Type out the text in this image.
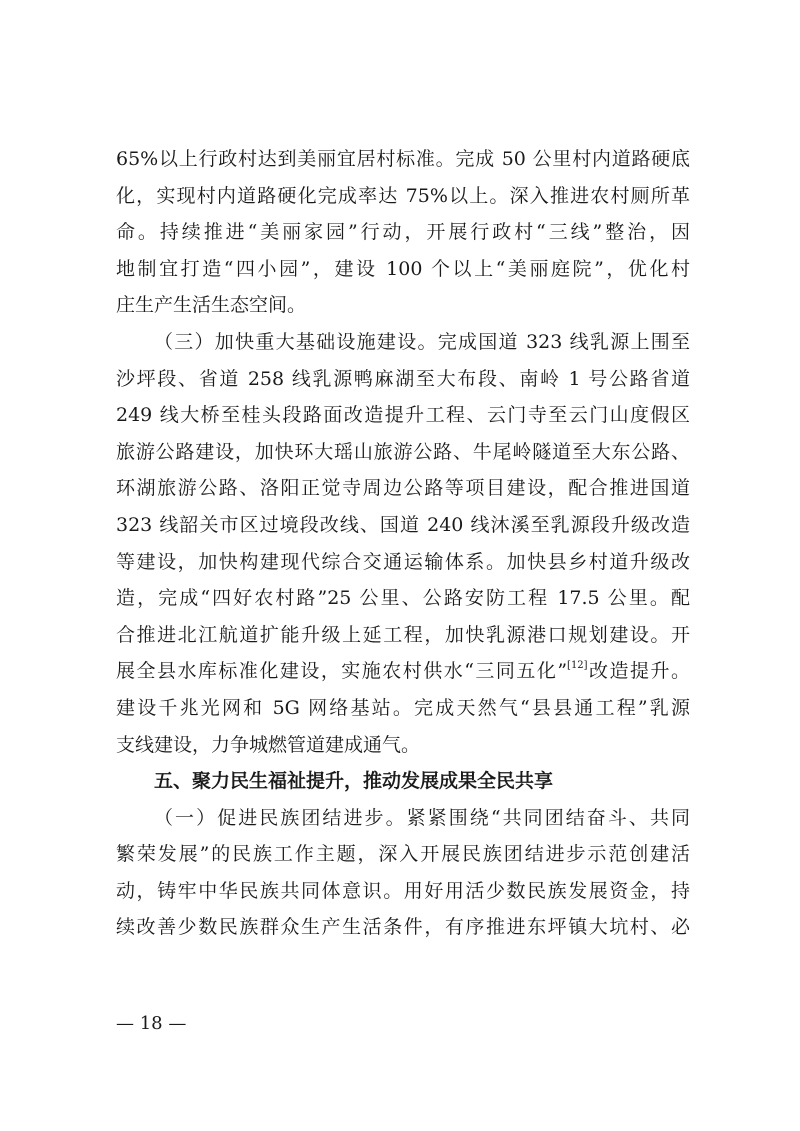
65%以上行政村达到美丽宜居村标准。完成 50 公里村内道路硬底
化，实现村内道路硬化完成率达 75%以上。深入推进农村厕所革
命。持续推进“美丽家园”行动，开展行政村“三线”整治，因
地制宜打造“四小园”，建设 100 个以上“美丽庭院”，优化村
庄生产生活生态空间。
（三）加快重大基础设施建设。完成国道 323 线乳源上围至
沙坪段、省道 258 线乳源鸭麻湖至大布段、南岭 1 号公路省道
249 线大桥至桂头段路面改造提升工程、云门寺至云门山度假区
旅游公路建设，加快环大瑶山旅游公路、牛尾岭隧道至大东公路、
环湖旅游公路、洛阳正觉寺周边公路等项目建设，配合推进国道
323 线韶关市区过境段改线、国道 240 线沐溪至乳源段升级改造
等建设，加快构建现代综合交通运输体系。加快县乡村道升级改
造，完成“四好农村路”25 公里、公路安防工程 17.5 公里。配
合推进北江航道扩能升级上延工程，加快乳源港口规划建设。开
展全县水库标准化建设，实施农村供水“三同五化”[12]改造提升。
建设千兆光网和 5G 网络基站。完成天然气“县县通工程”乳源
支线建设，力争城燃管道建成通气。
五、聚力民生福祉提升，推动发展成果全民共享
（一）促进民族团结进步。紧紧围绕“共同团结奋斗、共同
繁荣发展”的民族工作主题，深入开展民族团结进步示范创建活
动，铸牢中华民族共同体意识。用好用活少数民族发展资金，持
续改善少数民族群众生产生活条件，有序推进东坪镇大坑村、必
— 18 —
